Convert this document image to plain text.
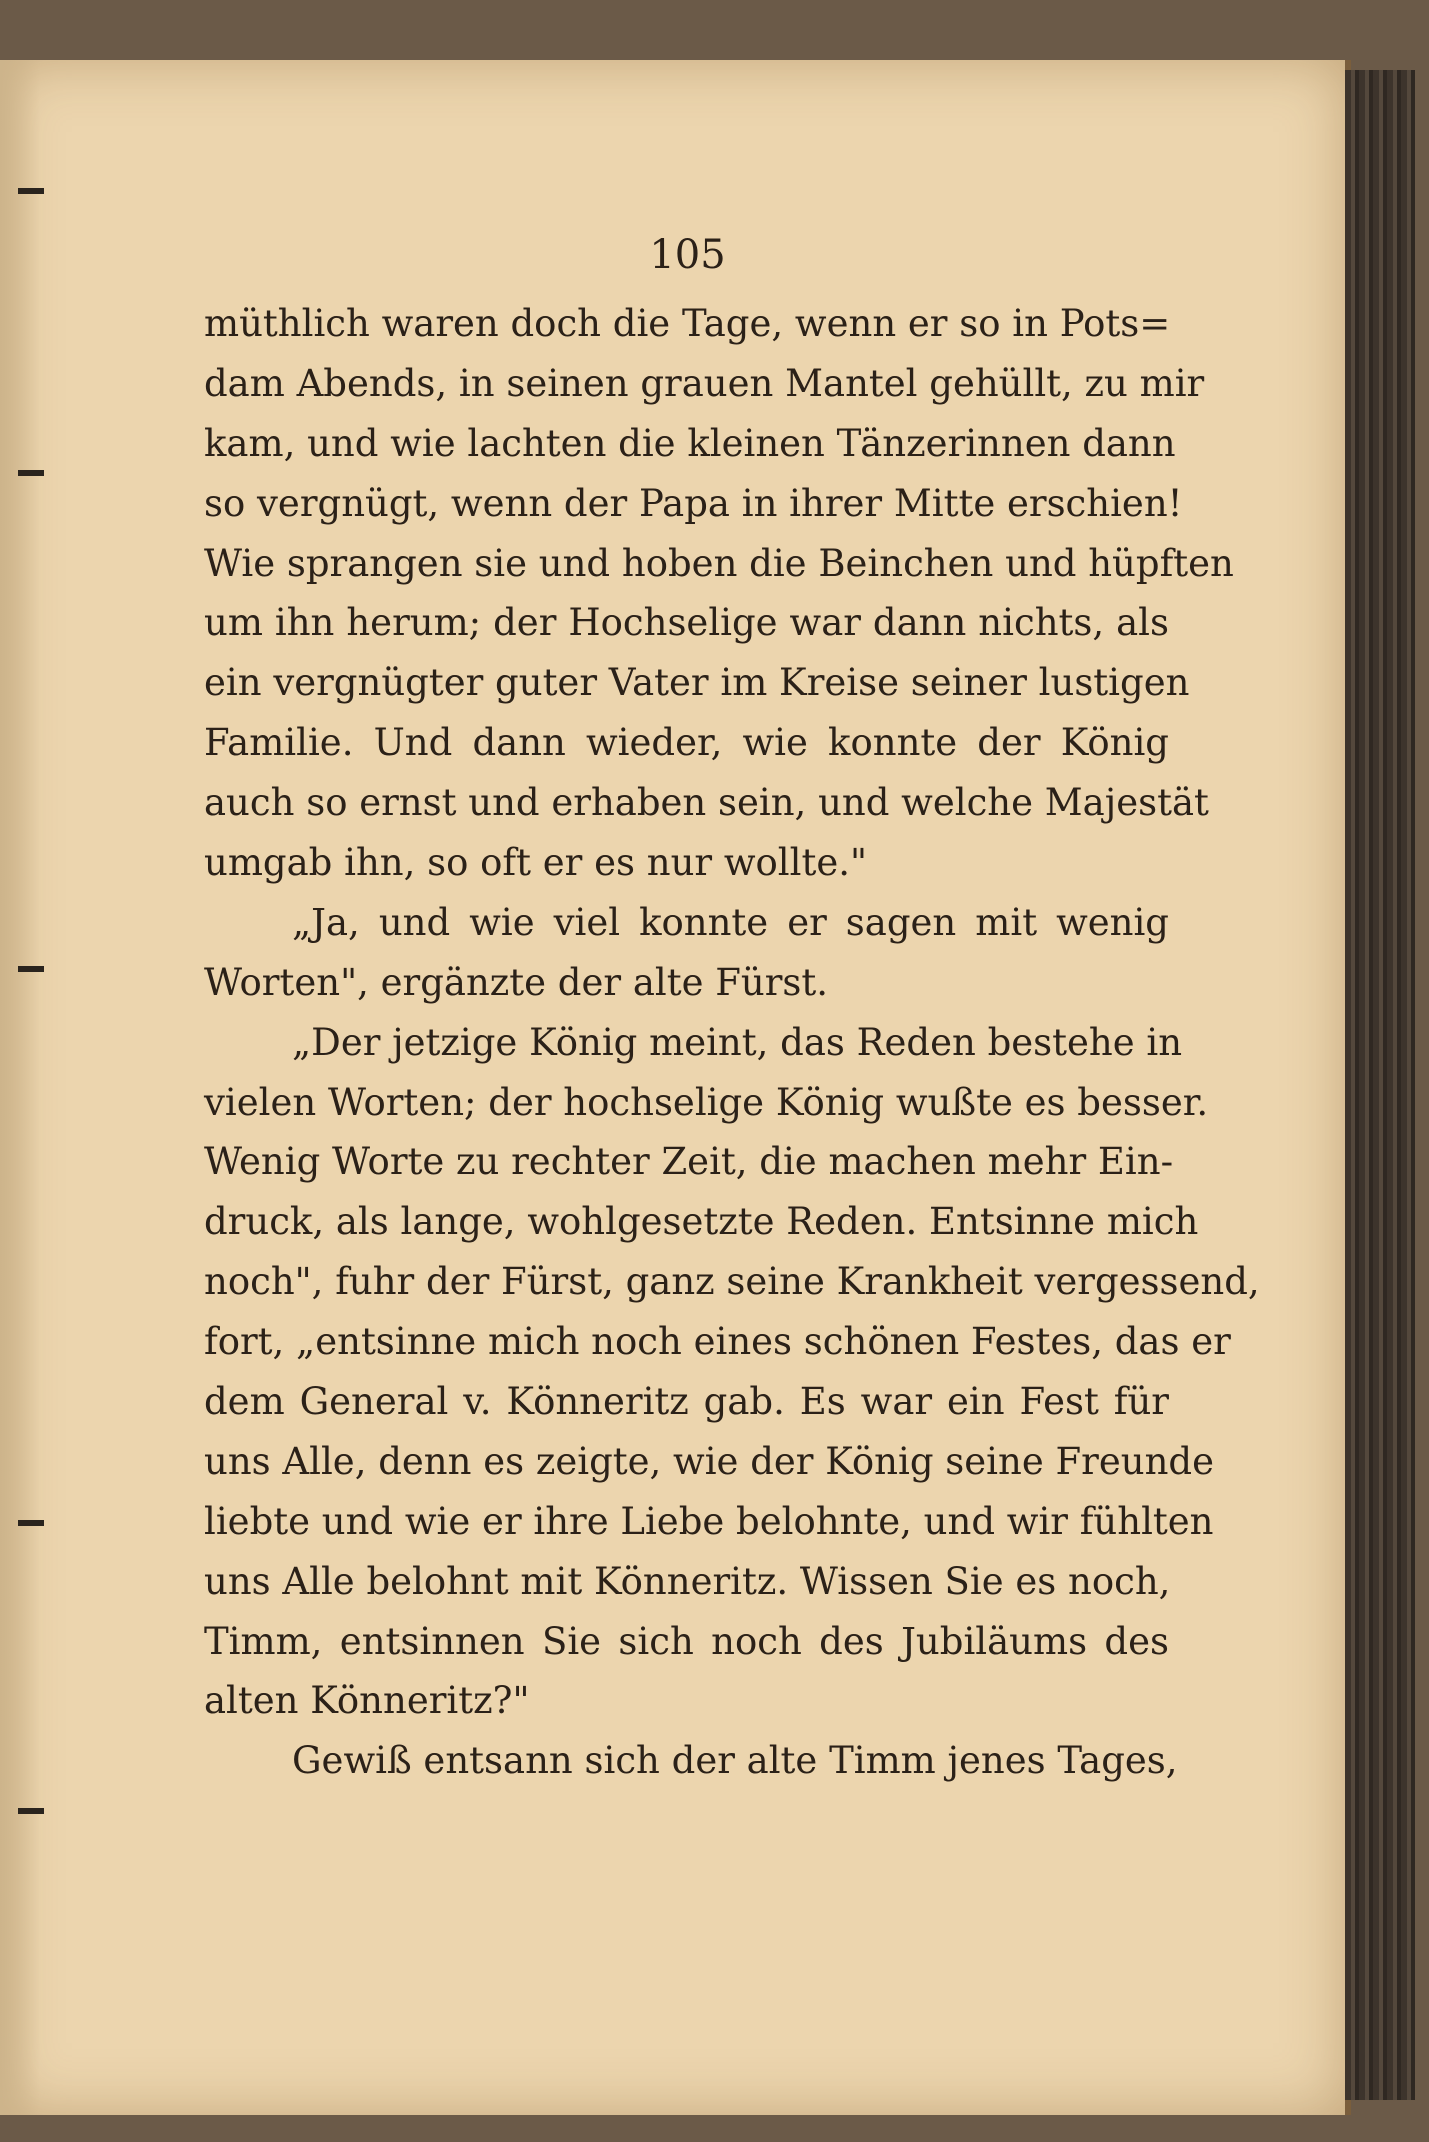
105
müthlich waren doch die Tage, wenn er so in Pots=
dam Abends, in seinen grauen Mantel gehüllt, zu mir
kam, und wie lachten die kleinen Tänzerinnen dann
so vergnügt, wenn der Papa in ihrer Mitte erschien!
Wie sprangen sie und hoben die Beinchen und hüpften
um ihn herum; der Hochselige war dann nichts, als
ein vergnügter guter Vater im Kreise seiner lustigen
Familie. Und dann wieder, wie konnte der König
auch so ernst und erhaben sein, und welche Majestät
umgab ihn, so oft er es nur wollte."
„Ja, und wie viel konnte er sagen mit wenig
Worten", ergänzte der alte Fürst.
„Der jetzige König meint, das Reden bestehe in
vielen Worten; der hochselige König wußte es besser.
Wenig Worte zu rechter Zeit, die machen mehr Ein-
druck, als lange, wohlgesetzte Reden. Entsinne mich
noch", fuhr der Fürst, ganz seine Krankheit vergessend,
fort, „entsinne mich noch eines schönen Festes, das er
dem General v. Könneritz gab. Es war ein Fest für
uns Alle, denn es zeigte, wie der König seine Freunde
liebte und wie er ihre Liebe belohnte, und wir fühlten
uns Alle belohnt mit Könneritz. Wissen Sie es noch,
Timm, entsinnen Sie sich noch des Jubiläums des
alten Könneritz?"
Gewiß entsann sich der alte Timm jenes Tages,
